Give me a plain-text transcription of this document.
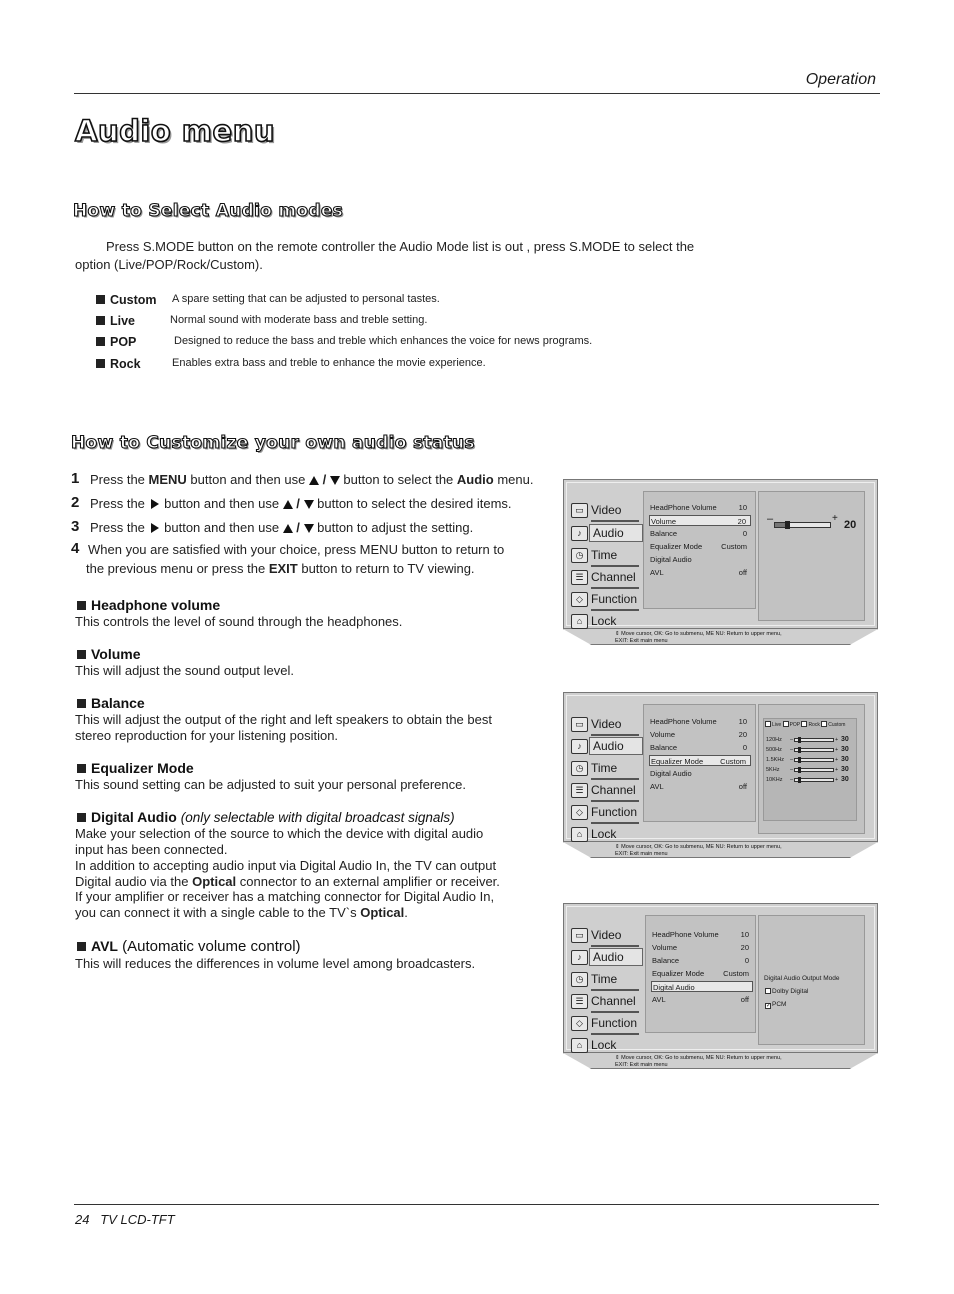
Operation
Audio menu
How to Select Audio modes
Press S.MODE button on the remote controller the Audio Mode list is out , press S.MODE to select the
option (Live/POP/Rock/Custom).
Custom A spare setting that can be adjusted to personal tastes.
Live	Normal sound with moderate bass and treble setting.
POP	Designed to reduce the bass and treble which enhances the voice for news programs.
Rock	Enables extra bass and treble to enhance the movie experience.
How to Customize your own audio status
1 Press the MENU button and then use  /  button to select the Audio menu.
2 Press the  button and then use  /  button to select the desired items.
3 Press the  button and then use  /  button to adjust the setting.
4 When you are satisfied with your choice, press MENU button to return to
the previous menu or press the EXIT button to return to TV viewing.
Headphone volume
This controls the level of sound through the headphones.
Volume
This will adjust the sound output level.
Balance
This will adjust the output of the right and left speakers to obtain the best
stereo reproduction for your listening position.
Equalizer Mode
This sound setting can be adjusted to suit your personal preference.
Digital Audio (only selectable with digital broadcast signals)
Make your selection of the source to which the device with digital audio
input has been connected.
In addition to accepting audio input via Digital Audio In, the TV can output
Digital audio via the Optical connector to an external amplifier or receiver.
If your amplifier or receiver has a matching connector for Digital Audio In,
you can connect it with a single cable to the TV`s Optical.
AVL (Automatic volume control)
This will reduces the differences in volume level among broadcasters.
▭ Video
♪ Audio
◷ Time
☰ Channel
◇ Function
⌂ Lock
HeadPhone Volume	10
Volume	20
Balance	0
Equalizer Mode	Custom
Digital Audio
AVL	off
–	+
20
⇕ Move cursor, OK: Go to submenu, ME NU: Return to upper menu,
EXIT: Exit main menu
▭ Video
♪ Audio
◷ Time
☰ Channel
◇ Function
⌂ Lock
HeadPhone Volume	10
Volume	20
Balance	0
Equalizer Mode Custom
Digital Audio
AVL	off
Live POP Rock Custom
120Hz –	+ 30
500Hz –	+ 30
1.5KHz –	+ 30
5KHz –	+ 30
10KHz –	+ 30
⇕ Move cursor, OK: Go to submenu, ME NU: Return to upper menu,
EXIT: Exit main menu
▭ Video
♪ Audio
◷ Time
☰ Channel
◇ Function
⌂ Lock
HeadPhone Volume	10
Volume	20
Balance	0
Equalizer Mode	Custom
Digital Audio
AVL	off
Digital Audio Output Mode
Dolby Digital
✓PCM
⇕ Move cursor, OK: Go to submenu, ME NU: Return to upper menu,
EXIT: Exit main menu
24   TV LCD-TFT
